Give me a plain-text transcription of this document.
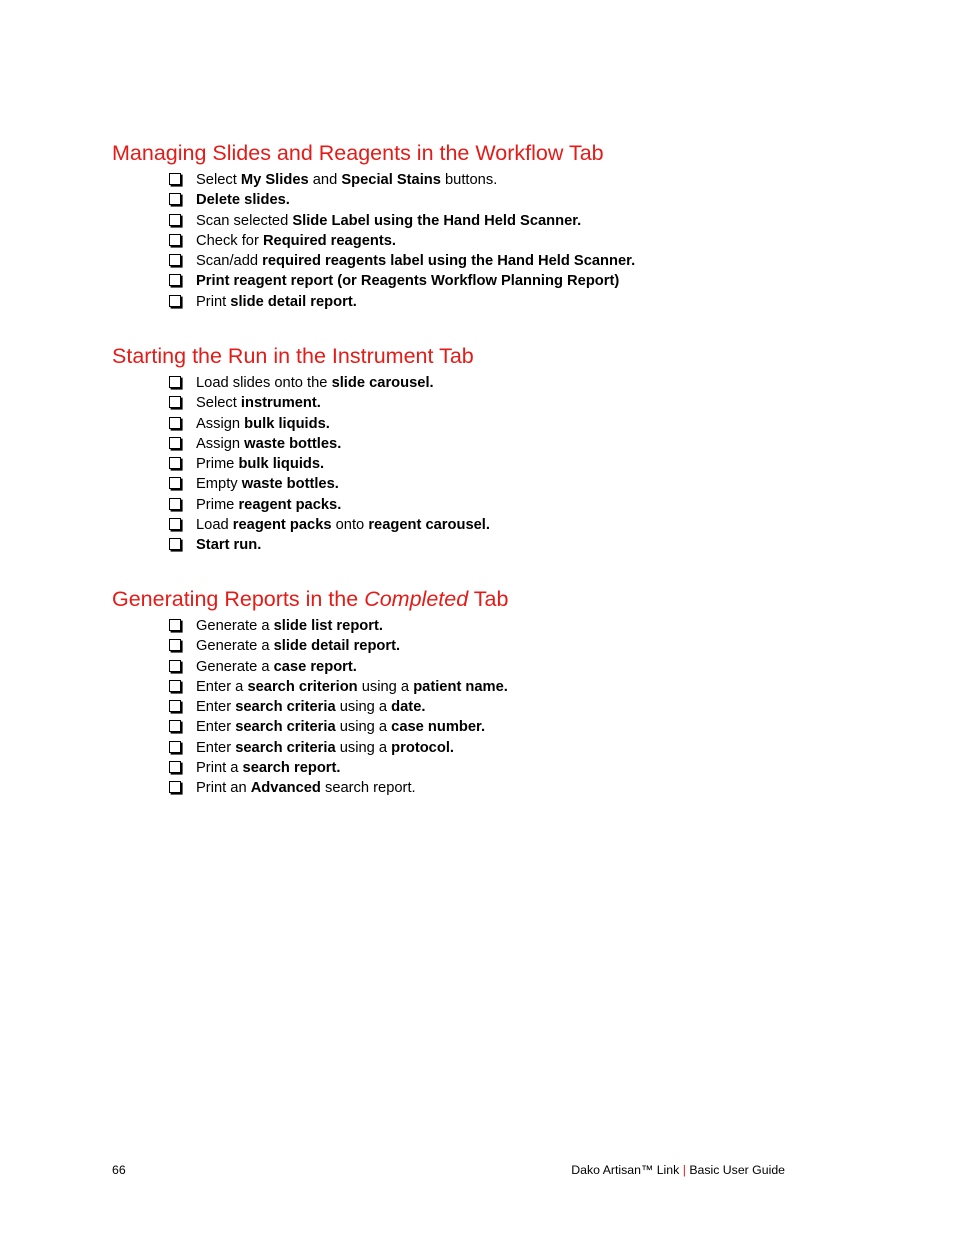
Managing Slides and Reagents in the Workflow Tab
Select My Slides and Special Stains buttons.
Delete slides.
Scan selected Slide Label using the Hand Held Scanner.
Check for Required reagents.
Scan/add required reagents label using the Hand Held Scanner.
Print reagent report (or Reagents Workflow Planning Report)
Print slide detail report.
Starting the Run in the Instrument Tab
Load slides onto the slide carousel.
Select instrument.
Assign bulk liquids.
Assign waste bottles.
Prime bulk liquids.
Empty waste bottles.
Prime reagent packs.
Load reagent packs onto reagent carousel.
Start run.
Generating Reports in the Completed Tab
Generate a slide list report.
Generate a slide detail report.
Generate a case report.
Enter a search criterion using a patient name.
Enter search criteria using a date.
Enter search criteria using a case number.
Enter search criteria using a protocol.
Print a search report.
Print an Advanced search report.
66	Dako Artisan™ Link | Basic User Guide
